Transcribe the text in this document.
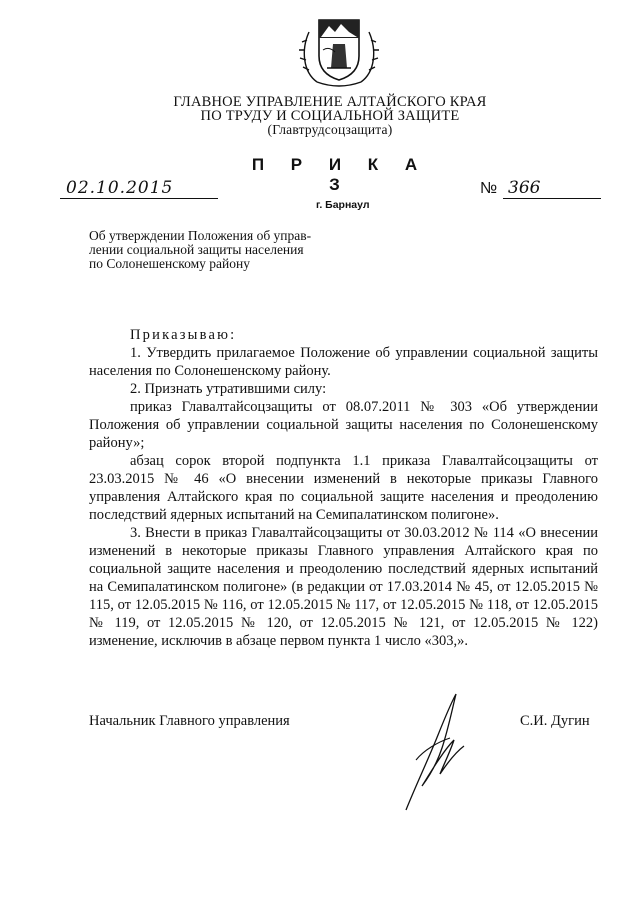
ГЛАВНОЕ УПРАВЛЕНИЕ АЛТАЙСКОГО КРАЯ
ПО ТРУДУ И СОЦИАЛЬНОЙ ЗАЩИТЕ
(Главтрудсоцзащита)
П Р И К А З
02.10.2015
г. Барнаул
№ 366
Об утверждении Положения об управ-
лении социальной защиты населения
по Солонешенскому району

Приказываю:

1. Утвердить прилагаемое Положение об управлении социальной защиты населения по Солонешенскому району.

2. Признать утратившими силу:

приказ Главалтайсоцзащиты от 08.07.2011 № 303 «Об утверждении Положения об управлении социальной защиты населения по Солонешенскому району»;

абзац сорок второй подпункта 1.1 приказа Главалтайсоцзащиты от 23.03.2015 № 46 «О внесении изменений в некоторые приказы Главного управления Алтайского края по социальной защите населения и преодолению последствий ядерных испытаний на Семипалатинском полигоне».

3. Внести в приказ Главалтайсоцзащиты от 30.03.2012 № 114 «О внесении изменений в некоторые приказы Главного управления Алтайского края по социальной защите населения и преодолению последствий ядерных испытаний на Семипалатинском полигоне» (в редакции от 17.03.2014 № 45, от 12.05.2015 № 115, от 12.05.2015 № 116, от 12.05.2015 № 117, от 12.05.2015 № 118, от 12.05.2015 № 119, от 12.05.2015 № 120, от 12.05.2015 № 121, от 12.05.2015 № 122) изменение, исключив в абзаце первом пункта 1 число «303,».

Начальник Главного управления	С.И. Дугин
